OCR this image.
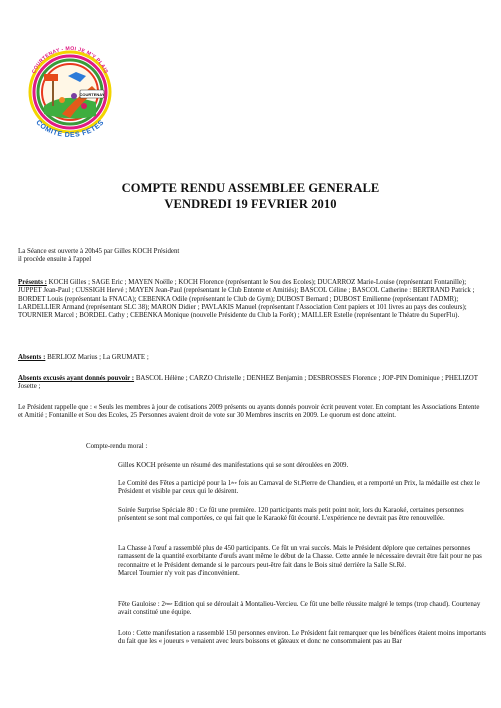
COURTENAY
COURTENAY - MOI JE M'Y PLAIS
COMITE DES FETES
COMPTE RENDU ASSEMBLEE GENERALE
VENDREDI 19 FEVRIER 2010

La Séance est ouverte à 20h45 par Gilles KOCH Président

il procède ensuite à l'appel

Présents : KOCH Gilles ; SAGE Eric ; MAYEN Noëlle ; KOCH Florence (représentant le Sou des Ecoles); DUCARROZ Marie-Louise (représentant Fontanille); JUPPET Jean-Paul ; CUSSIGH Hervé ; MAYEN Jean-Paul (représentant le Club Entente et Amitiés); BASCOL Céline ; BASCOL Catherine : BERTRAND Patrick ; BORDET Louis (représentant la FNACA); CEBENKA Odile (représentant le Club de Gym); DUBOST Bernard ; DUBOST Emilienne (représentant l'ADMR); LARDELLIER Armand (représentant SLC 38); MARON Didier ; PAVLAKIS Manuel (représentant l'Association Cent papiers et 101 livres au pays des couleurs); TOURNIER Marcel ; BORDEL Cathy ; CEBENKA Monique (nouvelle Présidente du Club la Forêt) ; MAILLER Estelle (représentant le Théatre du SuperFlu).
Absents : BERLIOZ Marius ; La GRUMATE ;
Absents excusés ayant donnés pouvoir : BASCOL Hélène ; CARZO Christelle ; DENHEZ Benjamin ; DESBROSSES Florence ; JOP-PIN Dominique ; PHELIZOT Josette ;
Le Président rappelle que : « Seuls les membres à jour de cotisations 2009 présents ou ayants donnés pouvoir écrit peuvent voter. En comptant les Associations Entente et Amitié ; Fontanille et Sou des Ecoles, 25 Personnes avaient droit de vote sur 30 Membres inscrits en 2009. Le quorum est donc atteint.
Compte-rendu moral :
Gilles KOCH présente un résumé des manifestations qui se sont déroulées en 2009.
Le Comité des Fêtes a participé pour la 1ère fois au Carnaval de St.Pierre de Chandieu, et a remporté un Prix, la médaille est chez le Président et visible par ceux qui le désirent.
Soirée Surprise Spéciale 80 : Ce fût une première. 120 participants mais petit point noir, lors du Karaoké, certaines personnes présentent se sont mal comportées, ce qui fait que le Karaoké fût écourté. L'expérience ne devrait pas être renouvellée.

La Chasse à l'œuf a rassemblé plus de 450 participants. Ce fût un vrai succès. Mais le Président déplore que certaines personnes ramassent de la quantité exorbitante d'œufs avant même le début de la Chasse. Cette année le nécessaire devrait être fait pour ne pas reconnaitre et le Président demande si le parcours peut-être fait dans le Bois situé derrière la Salle St.Ré.

Marcel Tournier n'y voit pas d'inconvénient.

Fête Gauloise : 2ème Edition qui se déroulait à Montalieu-Vercieu. Ce fût une belle réussite malgré le temps (trop chaud). Courtenay avait constitué une équipe.
Loto : Cette manifestation a rassemblé 150 personnes environ. Le Président fait remarquer que les bénéfices étaient moins importants du fait que les « joueurs » venaient avec leurs boissons et gâteaux et donc ne consommaient pas au Bar
